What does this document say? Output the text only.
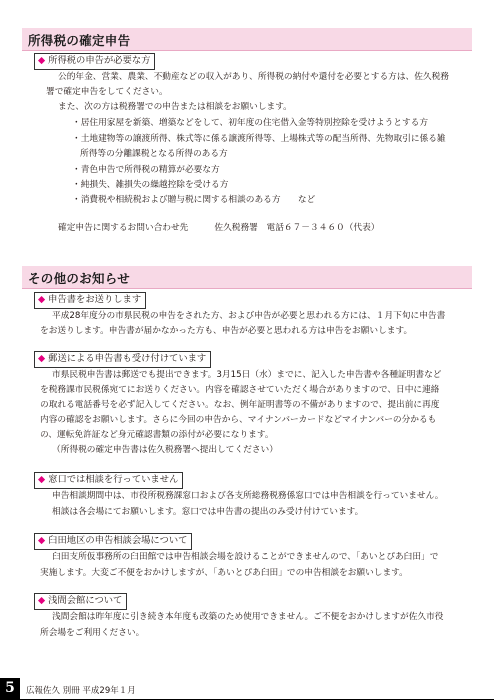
所得税の確定申告
◆ 所得税の申告が必要な方
公的年金、営業、農業、不動産などの収入があり、所得税の納付や還付を必要とする方は、佐久税務
署で確定申告をしてください。
また、次の方は税務署での申告または相談をお願いします。
・居住用家屋を新築、増築などをして、初年度の住宅借入金等特別控除を受けようとする方
・土地建物等の譲渡所得、株式等に係る譲渡所得等、上場株式等の配当所得、先物取引に係る雑
所得等の分離課税となる所得のある方
・青色申告で所得税の精算が必要な方
・純損失、雑損失の繰越控除を受ける方
・消費税や相続税および贈与税に関する相談のある方　　など
確定申告に関するお問い合わせ先　　　佐久税務署　電話６７－３４６０（代表）
その他のお知らせ
◆ 申告書をお送りします
平成28年度分の市県民税の申告をされた方、および申告が必要と思われる方には、１月下旬に申告書
をお送りします。申告書が届かなかった方も、申告が必要と思われる方は申告をお願いします。
◆ 郵送による申告書も受け付けています
市県民税申告書は郵送でも提出できます。3月15日（水）までに、記入した申告書や各種証明書など
を税務課市民税係宛てにお送りください。内容を確認させていただく場合がありますので、日中に連絡
の取れる電話番号を必ず記入してください。なお、例年証明書等の不備がありますので、提出前に再度
内容の確認をお願いします。さらに今回の申告から、マイナンバーカードなどマイナンバーの分かるも
の、運転免許証など身元確認書類の添付が必要になります。
（所得税の確定申告書は佐久税務署へ提出してください）
◆ 窓口では相談を行っていません
申告相談期間中は、市役所税務課窓口および各支所総務税務係窓口では申告相談を行っていません。
相談は各会場にてお願いします。窓口では申告書の提出のみ受け付けています。
◆ 臼田地区の申告相談会場について
臼田支所仮事務所の臼田館では申告相談会場を設けることができませんので、「あいとぴあ臼田」で
実施します。大変ご不便をおかけしますが、「あいとぴあ臼田」での申告相談をお願いします。
◆ 浅間会館について
浅間会館は昨年度に引き続き本年度も改築のため使用できません。ご不便をおかけしますが佐久市役
所会場をご利用ください。
5	広報佐久 別冊 平成29年１月
